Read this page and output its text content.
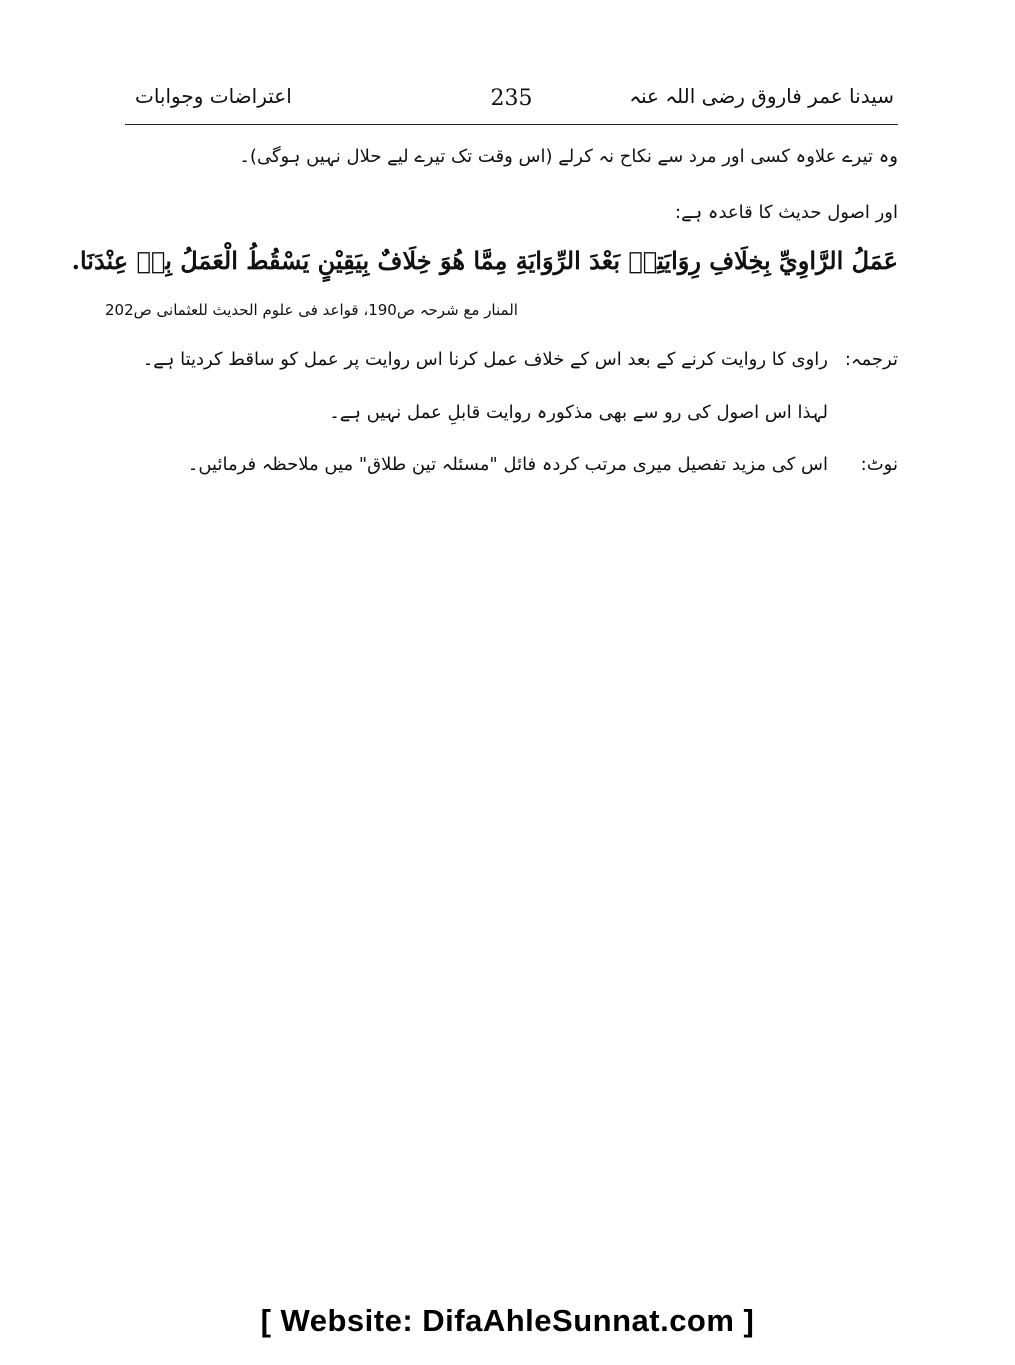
سیدنا عمر فاروق رضی اللہ عنہ
235
اعتراضات وجوابات
وہ تیرے علاوہ کسی اور مرد سے نکاح نہ کرلے (اس وقت تک تیرے لیے حلال نہیں ہوگی)۔
اور اصول حدیث کا قاعدہ ہے:
عَمَلُ الرَّاوِيِّ بِخِلَافِ رِوَايَتِهٖ بَعْدَ الرِّوَايَةِ مِمَّا هُوَ خِلَافٌ بِيَقِيْنٍ يَسْقُطُ الْعَمَلُ بِهٖ عِنْدَنَا.
المنار مع شرحہ ص190، قواعد فی علوم الحدیث للعثمانی ص202
ترجمہ:راوی کا روایت کرنے کے بعد اس کے خلاف عمل کرنا اس روایت پر عمل کو ساقط کردیتا ہے۔
لہذا اس اصول کی رو سے بھی مذکورہ روایت قابلِ عمل نہیں ہے۔
نوٹ:اس کی مزید تفصیل میری مرتب کردہ فائل "مسئلہ تین طلاق" میں ملاحظہ فرمائیں۔
[ Website: DifaAhleSunnat.com ]
